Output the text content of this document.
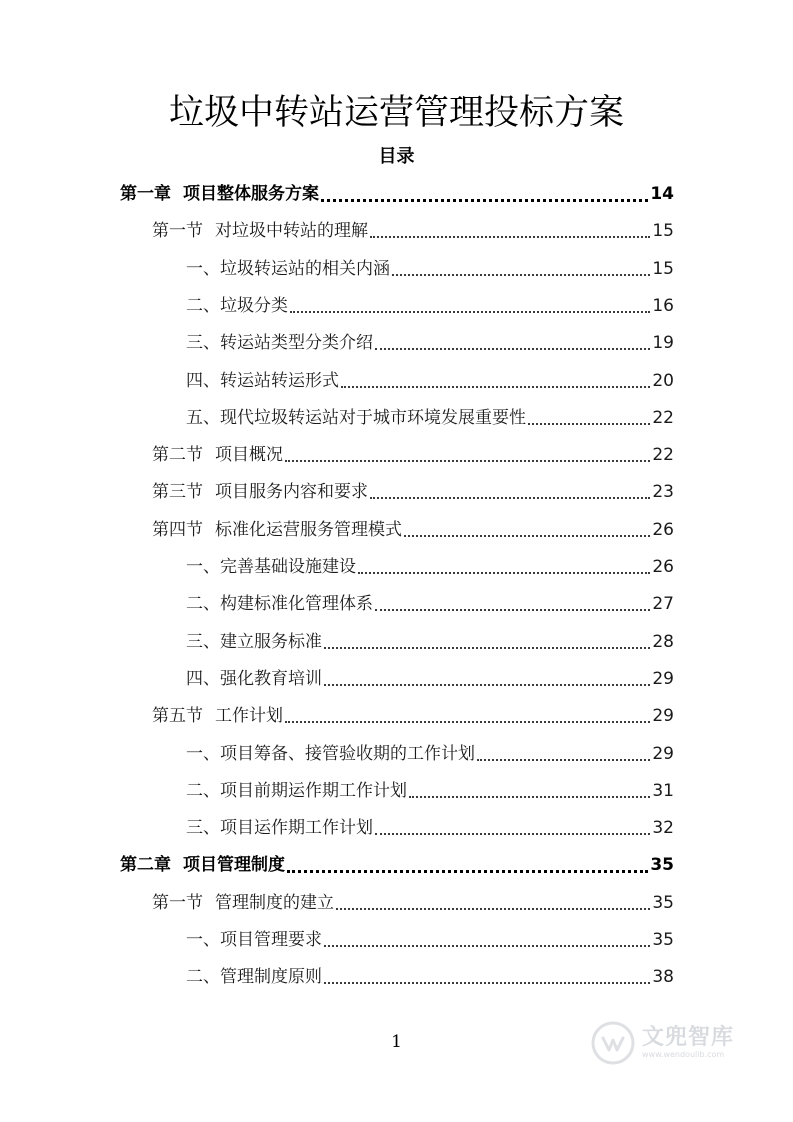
垃圾中转站运营管理投标方案
目录
第一章 项目整体服务方案	14
第一节 对垃圾中转站的理解	15
一、垃圾转运站的相关内涵	15
二、垃圾分类	16
三、转运站类型分类介绍	19
四、转运站转运形式	20
五、现代垃圾转运站对于城市环境发展重要性	22
第二节 项目概况	22
第三节 项目服务内容和要求	23
第四节 标准化运营服务管理模式	26
一、完善基础设施建设	26
二、构建标准化管理体系	27
三、建立服务标准	28
四、强化教育培训	29
第五节 工作计划	29
一、项目筹备、接管验收期的工作计划	29
二、项目前期运作期工作计划	31
三、项目运作期工作计划	32
第二章 项目管理制度	35
第一节 管理制度的建立	35
一、项目管理要求	35
二、管理制度原则	38
1	文兜智库
www.wendoulib.com
